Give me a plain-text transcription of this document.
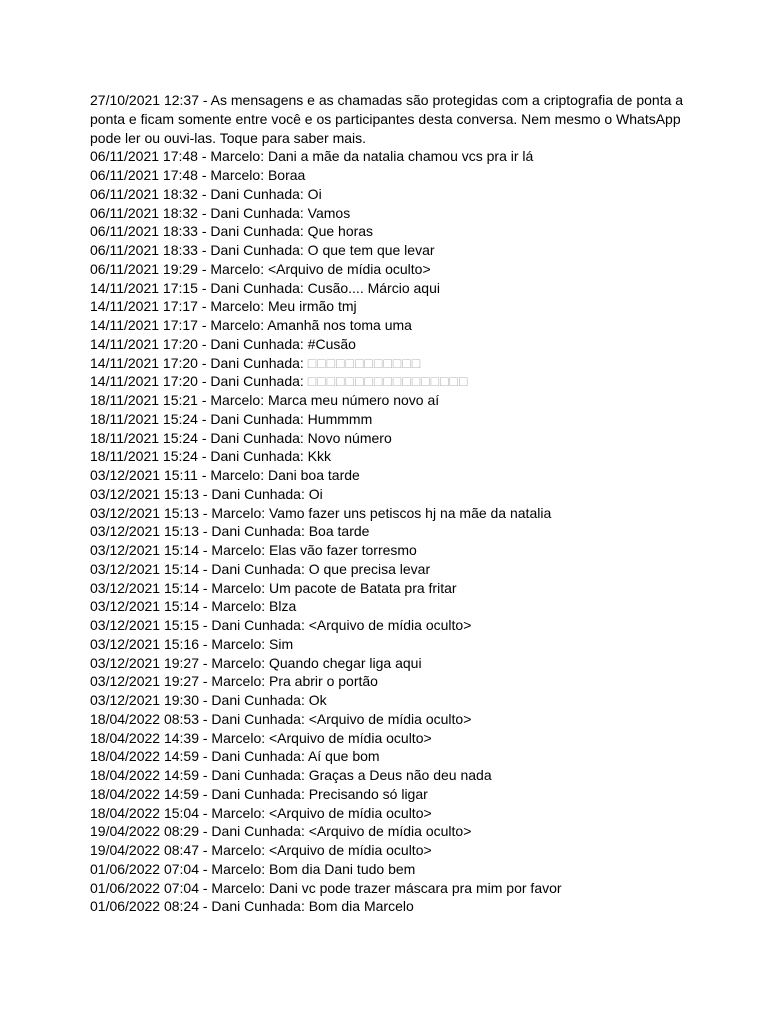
27/10/2021 12:37 - As mensagens e as chamadas são protegidas com a criptografia de ponta a ponta e ficam somente entre você e os participantes desta conversa. Nem mesmo o WhatsApp pode ler ou ouvi-las. Toque para saber mais.
06/11/2021 17:48 - Marcelo: Dani a mãe da natalia chamou vcs pra ir lá
06/11/2021 17:48 - Marcelo: Boraa
06/11/2021 18:32 - Dani Cunhada: Oi
06/11/2021 18:32 - Dani Cunhada: Vamos
06/11/2021 18:33 - Dani Cunhada: Que horas
06/11/2021 18:33 - Dani Cunhada: O que tem que levar
06/11/2021 19:29 - Marcelo: <Arquivo de mídia oculto>
14/11/2021 17:15 - Dani Cunhada: Cusão.... Márcio aqui
14/11/2021 17:17 - Marcelo: Meu irmão tmj
14/11/2021 17:17 - Marcelo: Amanhã nos toma uma
14/11/2021 17:20 - Dani Cunhada: #Cusão
14/11/2021 17:20 - Dani Cunhada: □□□□□□□□□□□□
14/11/2021 17:20 - Dani Cunhada: □□□□□□□□□□□□□□□□□
18/11/2021 15:21 - Marcelo: Marca meu número novo aí
18/11/2021 15:24 - Dani Cunhada: Hummmm
18/11/2021 15:24 - Dani Cunhada: Novo número
18/11/2021 15:24 - Dani Cunhada: Kkk
03/12/2021 15:11 - Marcelo: Dani boa tarde
03/12/2021 15:13 - Dani Cunhada: Oi
03/12/2021 15:13 - Marcelo: Vamo fazer uns petiscos hj na mãe da natalia
03/12/2021 15:13 - Dani Cunhada: Boa tarde
03/12/2021 15:14 - Marcelo: Elas vão fazer torresmo
03/12/2021 15:14 - Dani Cunhada: O que precisa levar
03/12/2021 15:14 - Marcelo: Um pacote de Batata pra fritar
03/12/2021 15:14 - Marcelo: Blza
03/12/2021 15:15 - Dani Cunhada: <Arquivo de mídia oculto>
03/12/2021 15:16 - Marcelo: Sim
03/12/2021 19:27 - Marcelo: Quando chegar liga aqui
03/12/2021 19:27 - Marcelo: Pra abrir o portão
03/12/2021 19:30 - Dani Cunhada: Ok
18/04/2022 08:53 - Dani Cunhada: <Arquivo de mídia oculto>
18/04/2022 14:39 - Marcelo: <Arquivo de mídia oculto>
18/04/2022 14:59 - Dani Cunhada: Aí que bom
18/04/2022 14:59 - Dani Cunhada: Graças a Deus não deu nada
18/04/2022 14:59 - Dani Cunhada: Precisando só ligar
18/04/2022 15:04 - Marcelo: <Arquivo de mídia oculto>
19/04/2022 08:29 - Dani Cunhada: <Arquivo de mídia oculto>
19/04/2022 08:47 - Marcelo: <Arquivo de mídia oculto>
01/06/2022 07:04 - Marcelo: Bom dia Dani tudo bem
01/06/2022 07:04 - Marcelo: Dani vc pode trazer máscara pra mim por favor
01/06/2022 08:24 - Dani Cunhada: Bom dia Marcelo
